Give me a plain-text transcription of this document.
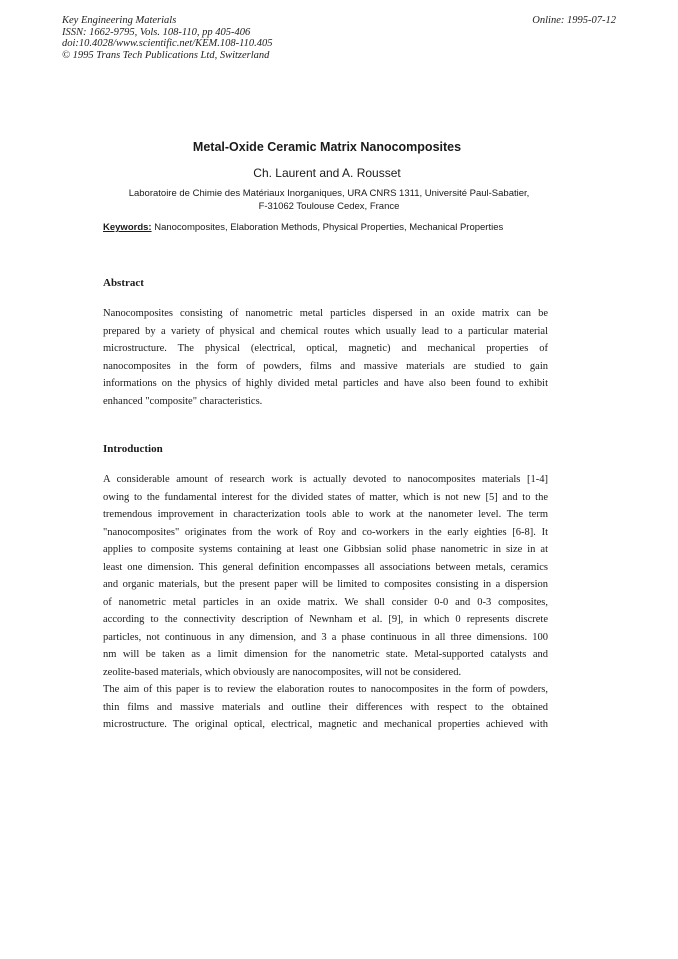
Key Engineering Materials
ISSN: 1662-9795, Vols. 108-110, pp 405-406
doi:10.4028/www.scientific.net/KEM.108-110.405
© 1995 Trans Tech Publications Ltd, Switzerland
Online: 1995-07-12
Metal-Oxide Ceramic Matrix Nanocomposites
Ch. Laurent and A. Rousset
Laboratoire de Chimie des Matériaux Inorganiques, URA CNRS 1311, Université Paul-Sabatier,
F-31062 Toulouse Cedex, France
Keywords: Nanocomposites, Elaboration Methods, Physical Properties, Mechanical Properties
Abstract
Nanocomposites consisting of nanometric metal particles dispersed in an oxide matrix can be
prepared by a variety of physical and chemical routes which usually lead to a particular material
microstructure. The physical (electrical, optical, magnetic) and mechanical properties of
nanocomposites in the form of powders, films and massive materials are studied to gain
informations on the physics of highly divided metal particles and have also been found to exhibit
enhanced "composite" characteristics.
Introduction
A considerable amount of research work is actually devoted to nanocomposites materials [1-4]
owing to the fundamental interest for the divided states of matter, which is not new [5] and to the
tremendous improvement in characterization tools able to work at the nanometer level. The term
"nanocomposites" originates from the work of Roy and co-workers in the early eighties [6-8]. It
applies to composite systems containing at least one Gibbsian solid phase nanometric in size in at
least one dimension. This general definition encompasses all associations between metals, ceramics
and organic materials, but the present paper will be limited to composites consisting in a dispersion
of nanometric metal particles in an oxide matrix. We shall consider 0-0 and 0-3 composites,
according to the connectivity description of Newnham et al. [9], in which 0 represents discrete
particles, not continuous in any dimension, and 3 a phase continuous in all three dimensions. 100
nm will be taken as a limit dimension for the nanometric state. Metal-supported catalysts and
zeolite-based materials, which obviously are nanocomposites, will not be considered.
The aim of this paper is to review the elaboration routes to nanocomposites in the form of powders,
thin films and massive materials and outline their differences with respect to the obtained
microstructure. The original optical, electrical, magnetic and mechanical properties achieved with
